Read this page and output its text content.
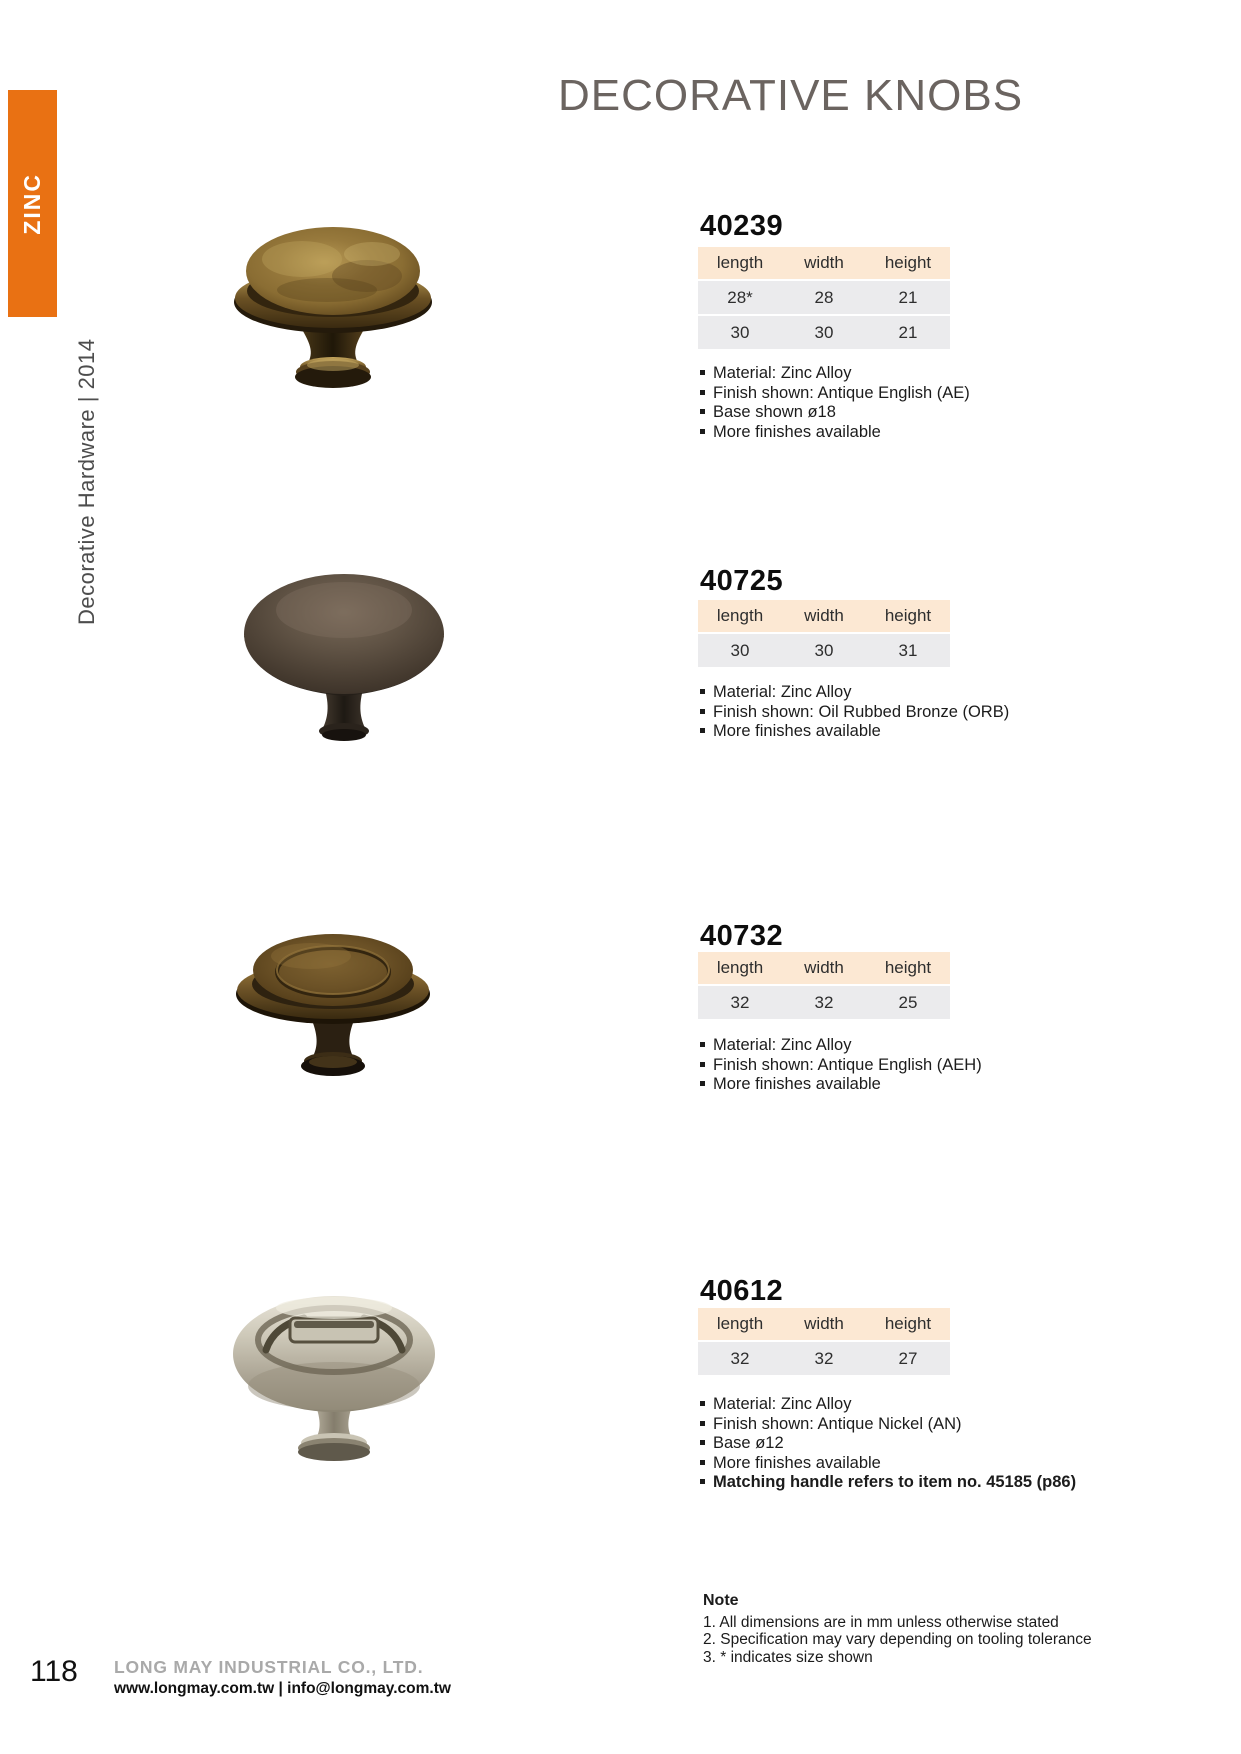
DECORATIVE KNOBS
ZINC
Decorative Hardware | 2014
40239
length	width	height
28*	28	21
30	30	21
Material: Zinc Alloy
Finish shown: Antique English (AE)
Base shown ø18
More finishes available
40725
length	width	height
30	30	31
Material: Zinc Alloy
Finish shown: Oil Rubbed Bronze (ORB)
More finishes available
40732
length	width	height
32	32	25
Material: Zinc Alloy
Finish shown: Antique English (AEH)
More finishes available
40612
length	width	height
32	32	27
Material: Zinc Alloy
Finish shown: Antique Nickel (AN)
Base ø12
More finishes available
Matching handle refers to item no. 45185 (p86)
Note
1. All dimensions are in mm unless otherwise stated
2. Specification may vary depending on tooling tolerance
3. * indicates size shown
118 LONG MAY INDUSTRIAL CO., LTD.
www.longmay.com.tw | info@longmay.com.tw
